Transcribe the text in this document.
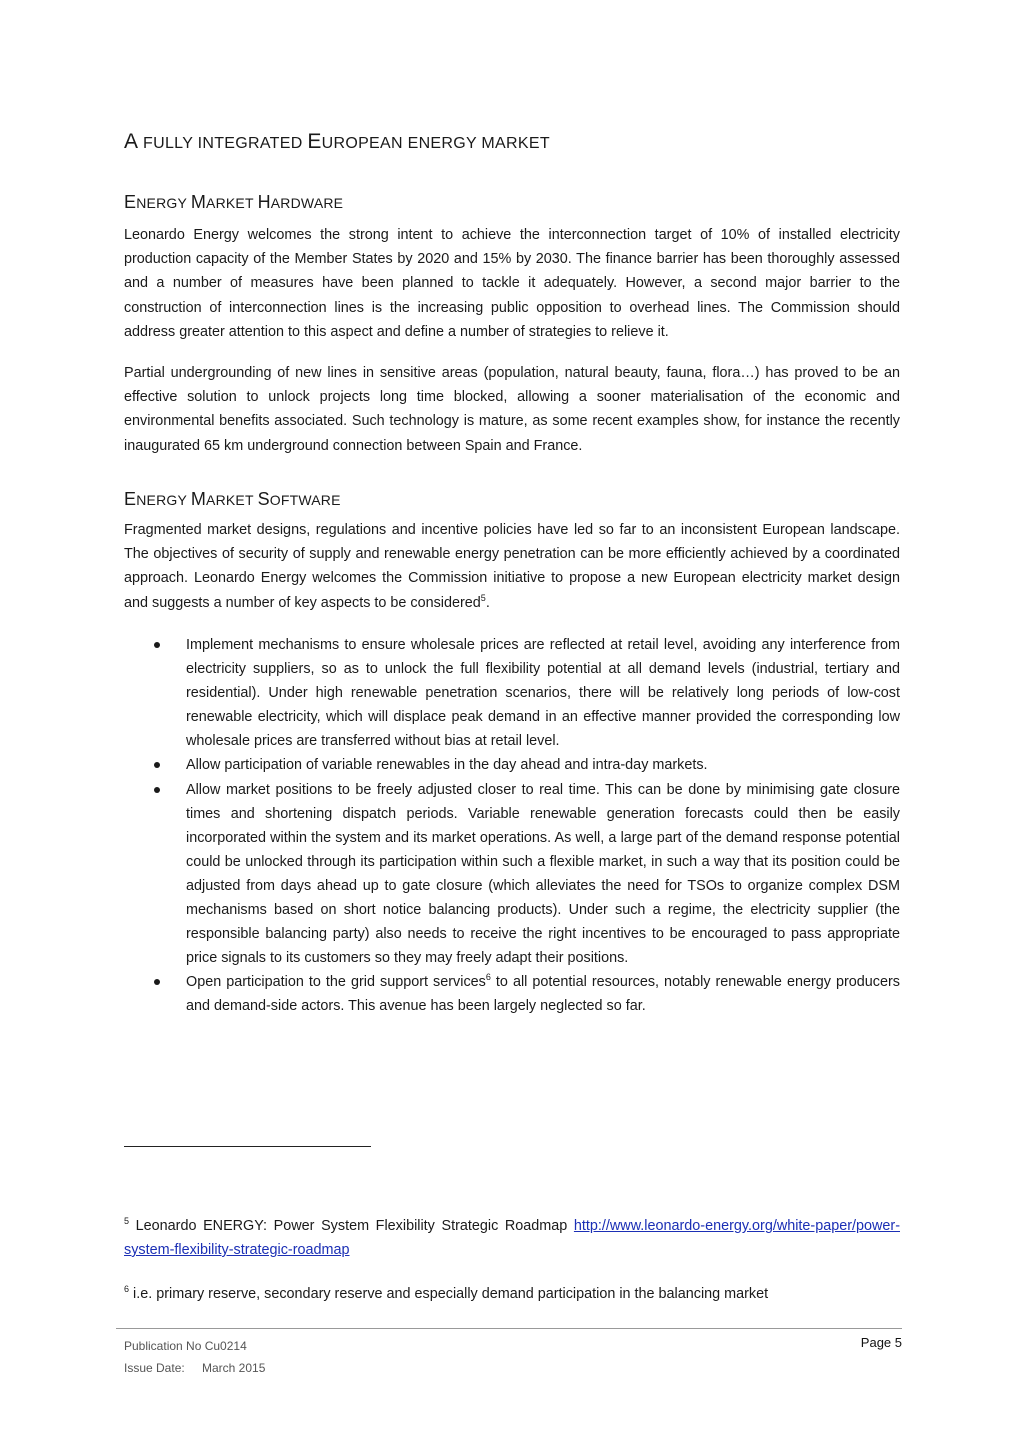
A FULLY INTEGRATED EUROPEAN ENERGY MARKET
ENERGY MARKET HARDWARE

Leonardo Energy welcomes the strong intent to achieve the interconnection target of 10% of installed electricity production capacity of the Member States by 2020 and 15% by 2030. The finance barrier has been thoroughly assessed and a number of measures have been planned to tackle it adequately. However, a second major barrier to the construction of interconnection lines is the increasing public opposition to overhead lines. The Commission should address greater attention to this aspect and define a number of strategies to relieve it.

Partial undergrounding of new lines in sensitive areas (population, natural beauty, fauna, flora…) has proved to be an effective solution to unlock projects long time blocked, allowing a sooner materialisation of the economic and environmental benefits associated. Such technology is mature, as some recent examples show, for instance the recently inaugurated 65 km underground connection between Spain and France.

ENERGY MARKET SOFTWARE

Fragmented market designs, regulations and incentive policies have led so far to an inconsistent European landscape. The objectives of security of supply and renewable energy penetration can be more efficiently achieved by a coordinated approach. Leonardo Energy welcomes the Commission initiative to propose a new European electricity market design and suggests a number of key aspects to be considered$^5$.

Implement mechanisms to ensure wholesale prices are reflected at retail level, avoiding any interference from electricity suppliers, so as to unlock the full flexibility potential at all demand levels (industrial, tertiary and residential). Under high renewable penetration scenarios, there will be relatively long periods of low-cost renewable electricity, which will displace peak demand in an effective manner provided the corresponding low wholesale prices are transferred without bias at retail level.
Allow participation of variable renewables in the day ahead and intra-day markets.
Allow market positions to be freely adjusted closer to real time. This can be done by minimising gate closure times and shortening dispatch periods. Variable renewable generation forecasts could then be easily incorporated within the system and its market operations. As well, a large part of the demand response potential could be unlocked through its participation within such a flexible market, in such a way that its position could be adjusted from days ahead up to gate closure (which alleviates the need for TSOs to organize complex DSM mechanisms based on short notice balancing products). Under such a regime, the electricity supplier (the responsible balancing party) also needs to receive the right incentives to be encouraged to pass appropriate price signals to its customers so they may freely adapt their positions.
Open participation to the grid support services$^6$ to all potential resources, notably renewable energy producers and demand-side actors. This avenue has been largely neglected so far.

$^5$ Leonardo ENERGY: Power System Flexibility Strategic Roadmap http://www.leonardo-energy.org/white-paper/power-system-flexibility-strategic-roadmap

$^6$ i.e. primary reserve, secondary reserve and especially demand participation in the balancing market

Publication No Cu0214
Issue Date:	March 2015
Page 5
